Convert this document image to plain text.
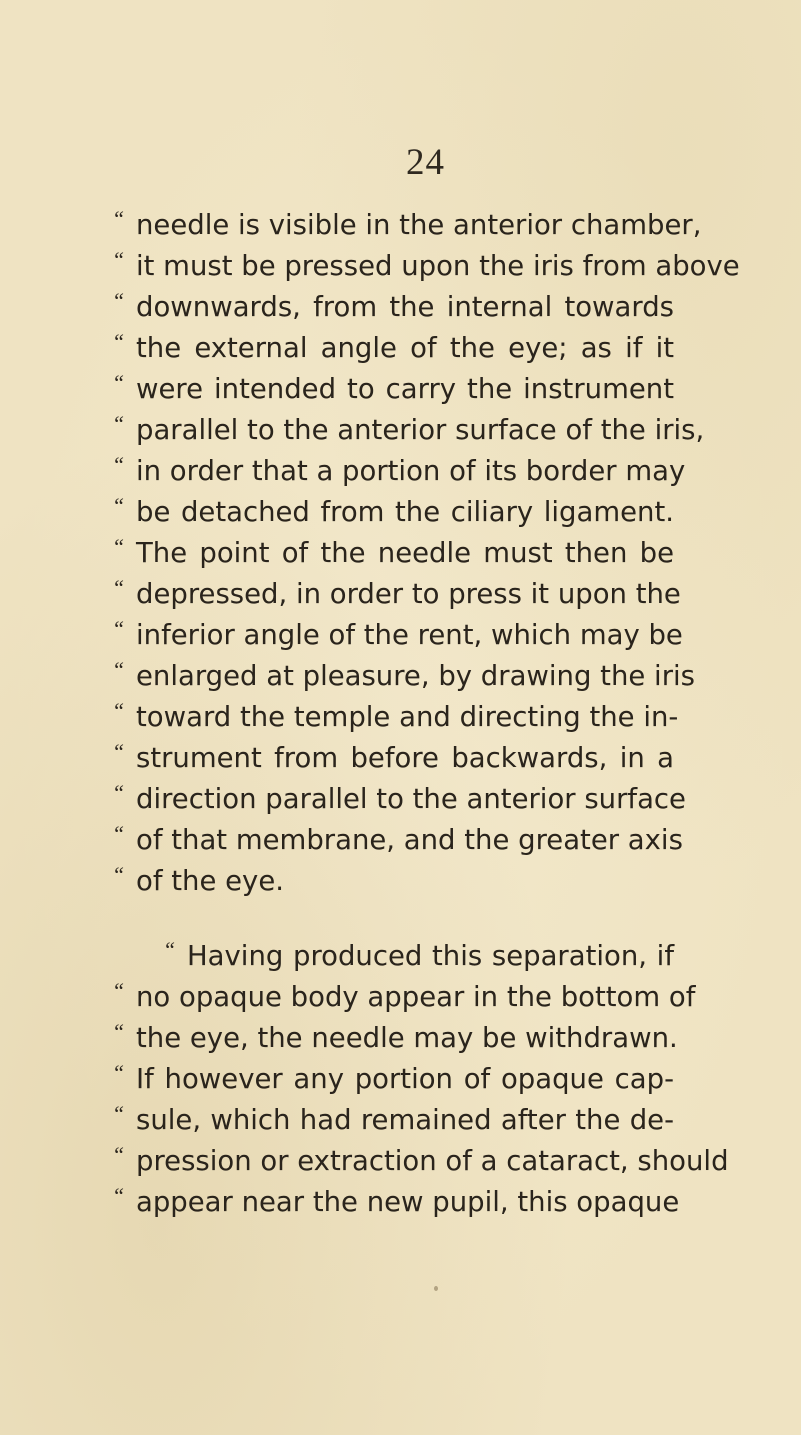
24
“ needle is visible in the anterior chamber,
“ it must be pressed upon the iris from above
“ downwards, from the internal towards
“ the external angle of the eye; as if it
“ were intended to carry the instrument
“ parallel to the anterior surface of the iris,
“ in order that a portion of its border may
“ be detached from the ciliary ligament.
“ The point of the needle must then be
“ depressed, in order to press it upon the
“ inferior angle of the rent, which may be
“ enlarged at pleasure, by drawing the iris
“ toward the temple and directing the in-
“ strument from before backwards, in a
“ direction parallel to the anterior surface
“ of that membrane, and the greater axis
“ of the eye.
“ Having produced this separation, if
“ no opaque body appear in the bottom of
“ the eye, the needle may be withdrawn.
“ If however any portion of opaque cap-
“ sule, which had remained after the de-
“ pression or extraction of a cataract, should
“ appear near the new pupil, this opaque
